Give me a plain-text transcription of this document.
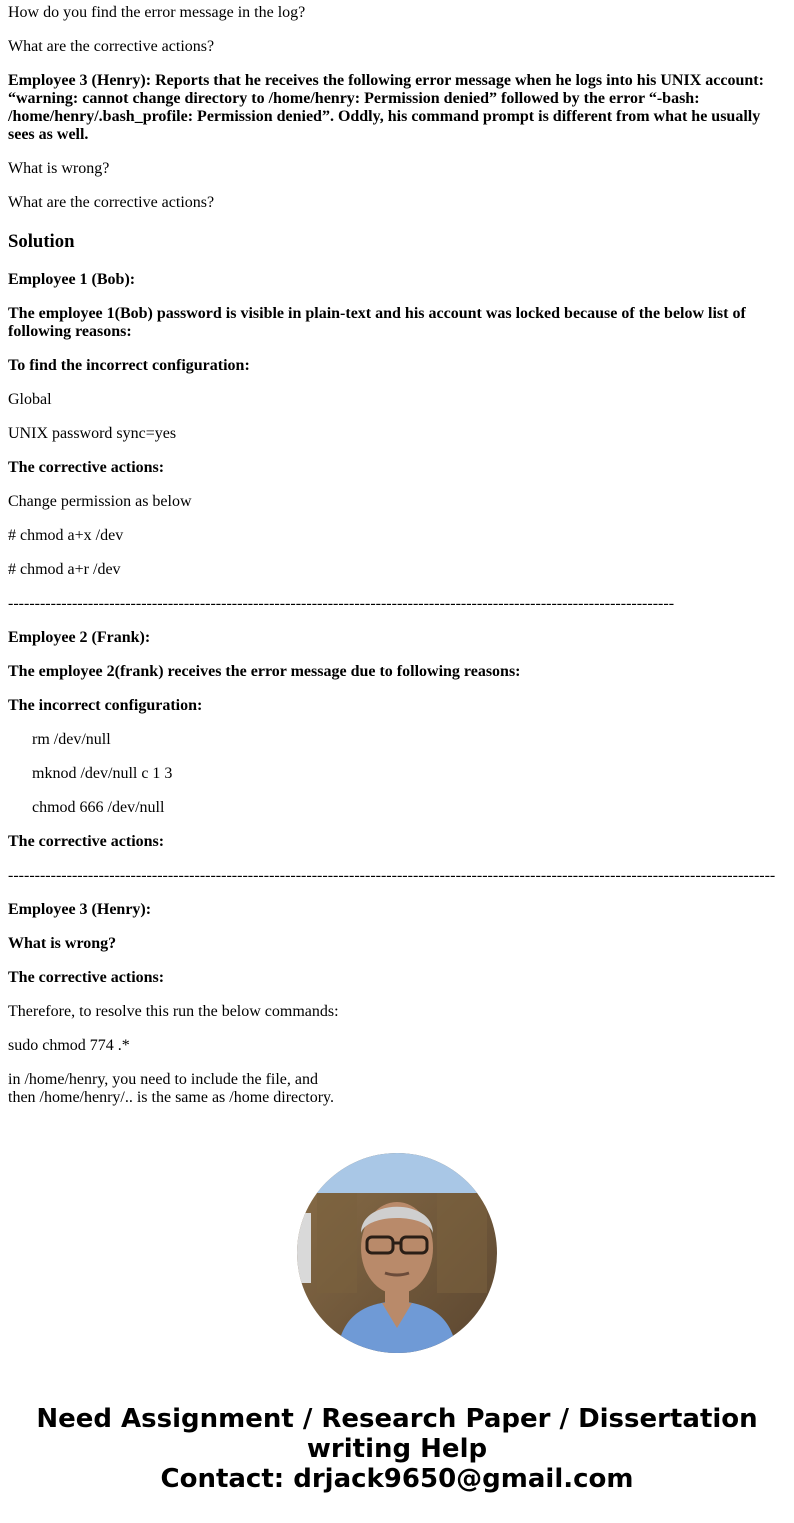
How do you find the error message in the log?
What are the corrective actions?
Employee 3 (Henry): Reports that he receives the following error message when he logs into his UNIX account: “warning: cannot change directory to /home/henry: Permission denied” followed by the error “-bash: /home/henry/.bash_profile: Permission denied”. Oddly, his command prompt is different from what he usually sees as well.
What is wrong?
What are the corrective actions?
Solution
Employee 1 (Bob):
The employee 1(Bob) password is visible in plain-text and his account was locked because of the below list of following reasons:
To find the incorrect configuration:
Global
UNIX password sync=yes
The corrective actions:
Change permission as below
# chmod a+x /dev
# chmod a+r /dev
-----------------------------------------------------------------------------------------------------------------------------
Employee 2 (Frank):
The employee 2(frank) receives the error message due to following reasons:
The incorrect configuration:
rm /dev/null
mknod /dev/null c 1 3
chmod 666 /dev/null
The corrective actions:
------------------------------------------------------------------------------------------------------------------------------------------------
Employee 3 (Henry):
What is wrong?
The corrective actions:
Therefore, to resolve this run the below commands:
sudo chmod 774 .*
in /home/henry, you need to include the file, and
then /home/henry/.. is the same as /home directory.
Need Assignment / Research Paper / Dissertation
writing Help
Contact: drjack9650@gmail.com
